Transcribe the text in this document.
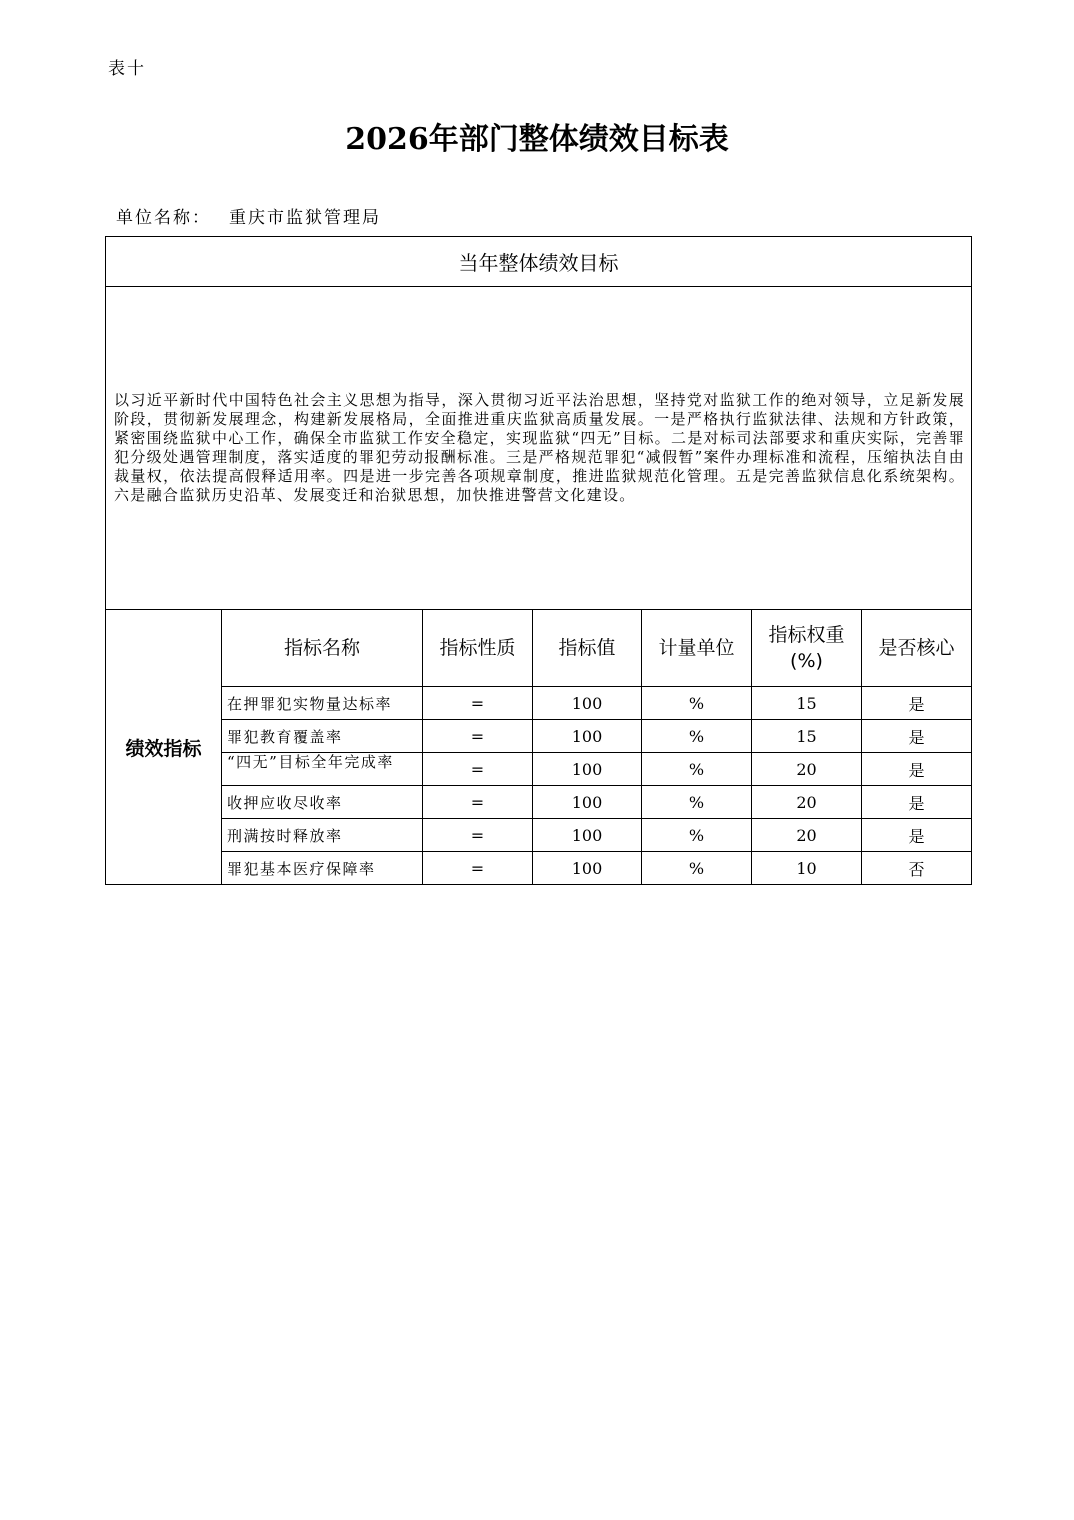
表十
2026年部门整体绩效目标表
单位名称： 重庆市监狱管理局
当年整体绩效目标						

以习近平新时代中国特色社会主义思想为指导，深入贯彻习近平法治思想，坚持党对监狱工作的绝对领导，立足新发展阶段，贯彻新发展理念，构建新发展格局，全面推进重庆监狱高质量发展。一是严格执行监狱法律、法规和方针政策，紧密围绕监狱中心工作，确保全市监狱工作安全稳定，实现监狱“四无”目标。二是对标司法部要求和重庆实际，完善罪犯分级处遇管理制度，落实适度的罪犯劳动报酬标准。三是严格规范罪犯“减假暂”案件办理标准和流程，压缩执法自由裁量权，依法提高假释适用率。四是进一步完善各项规章制度，推进监狱规范化管理。五是完善监狱信息化系统架构。六是融合监狱历史沿革、发展变迁和治狱思想，加快推进警营文化建设。						

绩效指标	指标名称	指标性质	指标值	计量单位	指标权重(%)	是否核心
	在押罪犯实物量达标率	=	100	%	15	是
	罪犯教育覆盖率	=	100	%	15	是
	“四无”目标全年完成率	=	100	%	20	是
	收押应收尽收率	=	100	%	20	是
	刑满按时释放率	=	100	%	20	是
	罪犯基本医疗保障率	=	100	%	10	否
